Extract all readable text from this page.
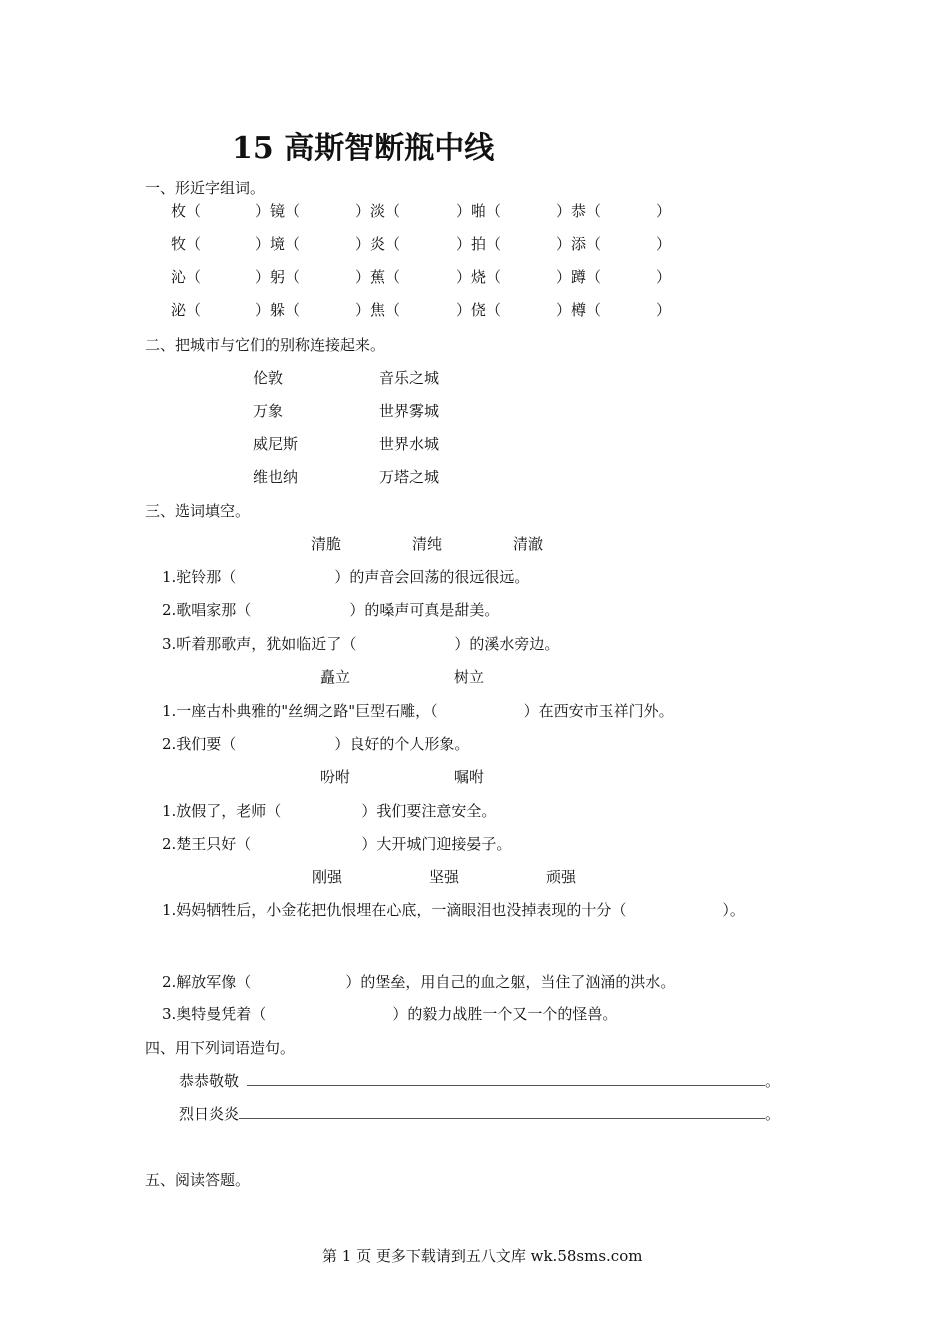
15 高斯智断瓶中线
一、形近字组词。
枚（	）镜（	）淡（	）啪（	）恭（	）
牧（	）境（	）炎（	）拍（	）添（	）
沁（	）躬（	）蕉（	）烧（	）蹲（	）
泌（	）躲（	）焦（	）侥（	）樽（	）
二、把城市与它们的别称连接起来。
伦敦	音乐之城
万象	世界雾城
威尼斯	世界水城
维也纳	万塔之城
三、选词填空。
清脆	清纯	清澈
1.驼铃那（	）的声音会回荡的很远很远。
2.歌唱家那（	）的嗓声可真是甜美。
3.听着那歌声，犹如临近了（	）的溪水旁边。
矗立	树立
1.一座古朴典雅的"丝绸之路"巨型石雕，（	）在西安市玉祥门外。
2.我们要（	）良好的个人形象。
吩咐	嘱咐
1.放假了，老师（	）我们要注意安全。
2.楚王只好（	）大开城门迎接晏子。
刚强	坚强	顽强
1.妈妈牺牲后，小金花把仇恨埋在心底，一滴眼泪也没掉表现的十分（	）。
2.解放军像（	）的堡垒，用自己的血之躯，当住了汹涌的洪水。
3.奥特曼凭着（	）的毅力战胜一个又一个的怪兽。
四、用下列词语造句。
恭恭敬敬	。
烈日炎炎	。
五、阅读答题。
第 1 页 更多下载请到五八文库 wk.58sms.com
